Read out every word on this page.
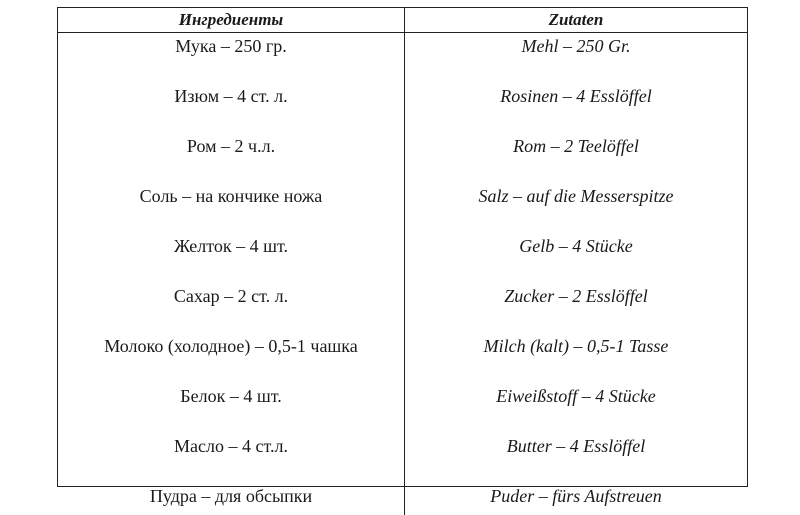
Ингредиенты	Zutaten
Мука – 250 гр.	Mehl – 250 Gr.
Изюм – 4 ст. л.	Rosinen – 4 Esslöffel
Ром – 2 ч.л.	Rom – 2 Teelöffel
Соль – на кончике ножа	Salz – auf die Messerspitze
Желток – 4 шт.	Gelb – 4 Stücke
Сахар – 2 ст. л.	Zucker – 2 Esslöffel
Молоко (холодное) – 0,5-1 чашка	Milch (kalt) – 0,5-1 Tasse
Белок – 4 шт.	Eiweißstoff – 4 Stücke
Масло – 4 ст.л.	Butter – 4 Esslöffel
Пудра – для обсыпки	Puder – fürs Aufstreuen
